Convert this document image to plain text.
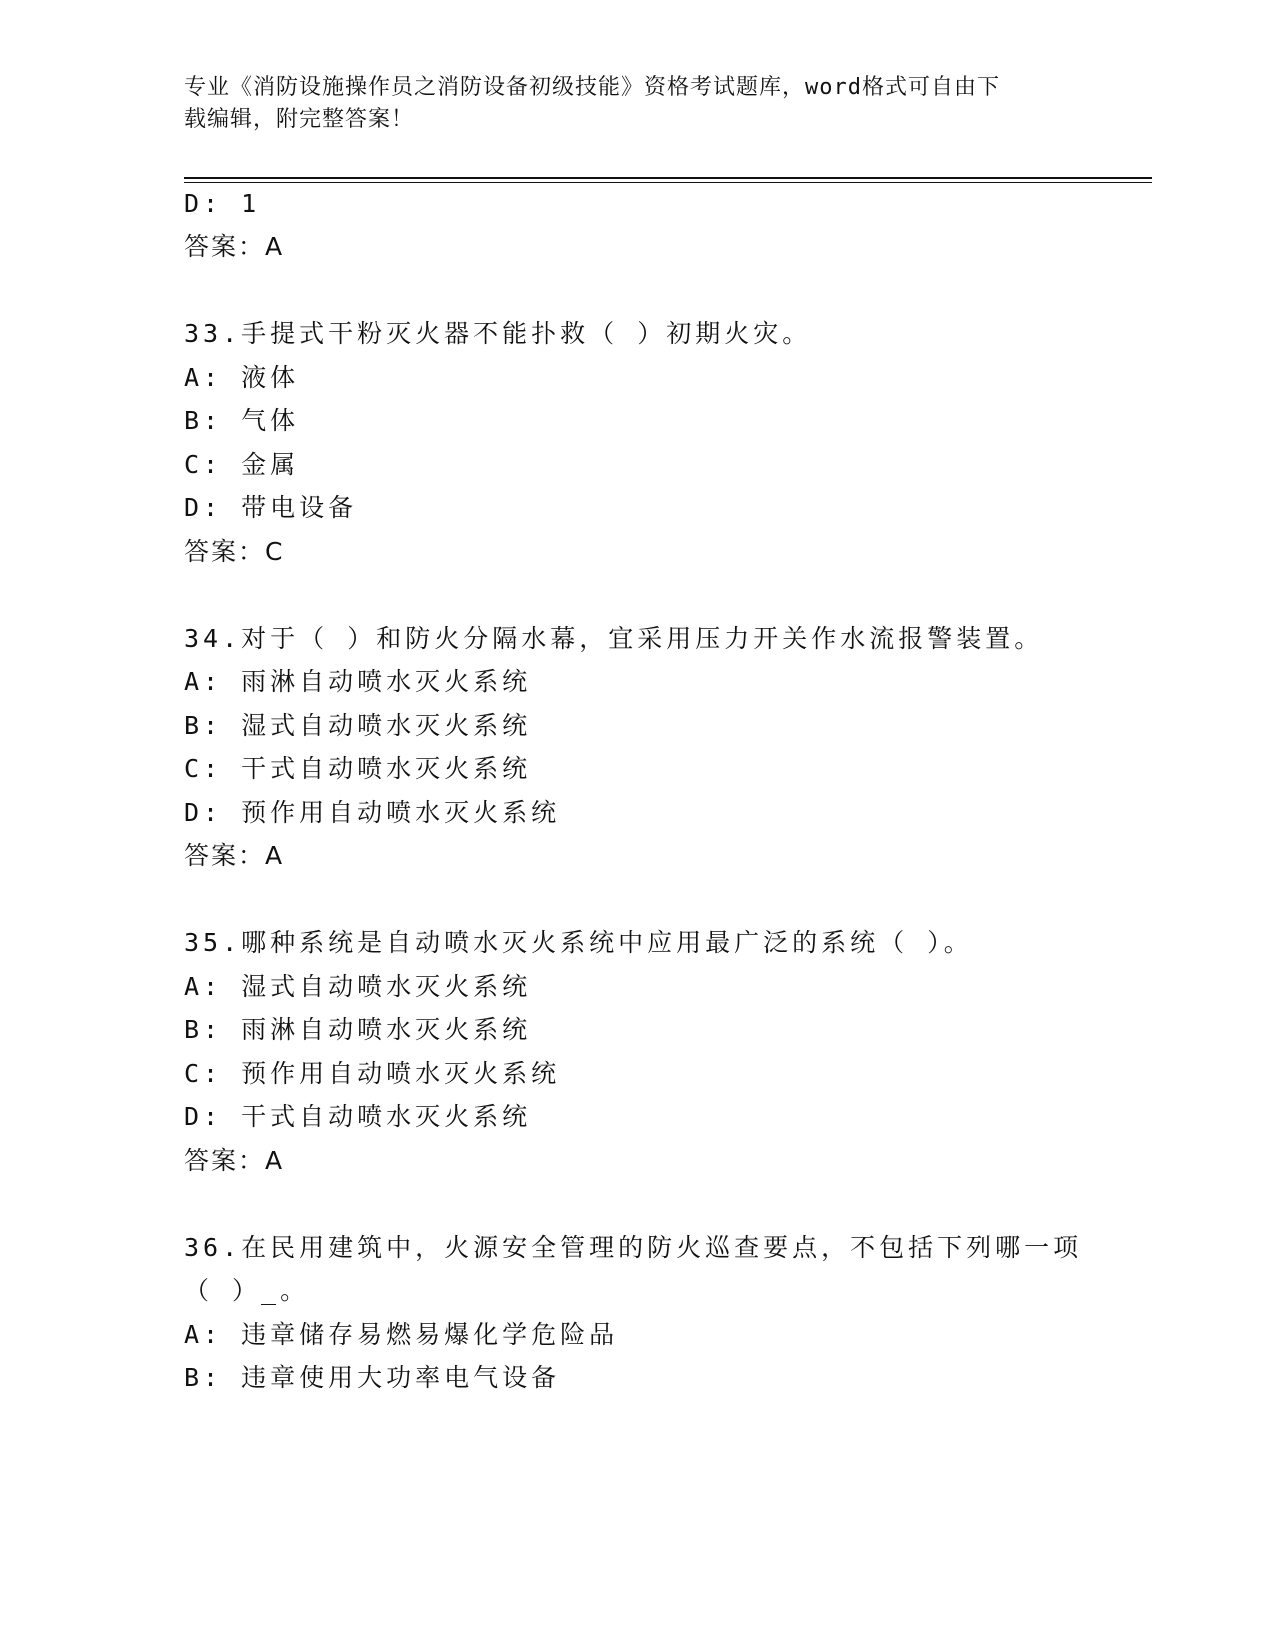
专业《消防设施操作员之消防设备初级技能》资格考试题库，word格式可自由下
载编辑，附完整答案！
D: 1
答案：A
33.手提式干粉灭火器不能扑救（ ）初期火灾。
A: 液体
B: 气体
C: 金属
D: 带电设备
答案：C
34.对于（ ）和防火分隔水幕，宜采用压力开关作水流报警装置。
A: 雨淋自动喷水灭火系统
B: 湿式自动喷水灭火系统
C: 干式自动喷水灭火系统
D: 预作用自动喷水灭火系统
答案：A
35.哪种系统是自动喷水灭火系统中应用最广泛的系统（ ）。
A: 湿式自动喷水灭火系统
B: 雨淋自动喷水灭火系统
C: 预作用自动喷水灭火系统
D: 干式自动喷水灭火系统
答案：A
36.在民用建筑中，火源安全管理的防火巡查要点，不包括下列哪一项
（ ）_。
A: 违章储存易燃易爆化学危险品
B: 违章使用大功率电气设备
